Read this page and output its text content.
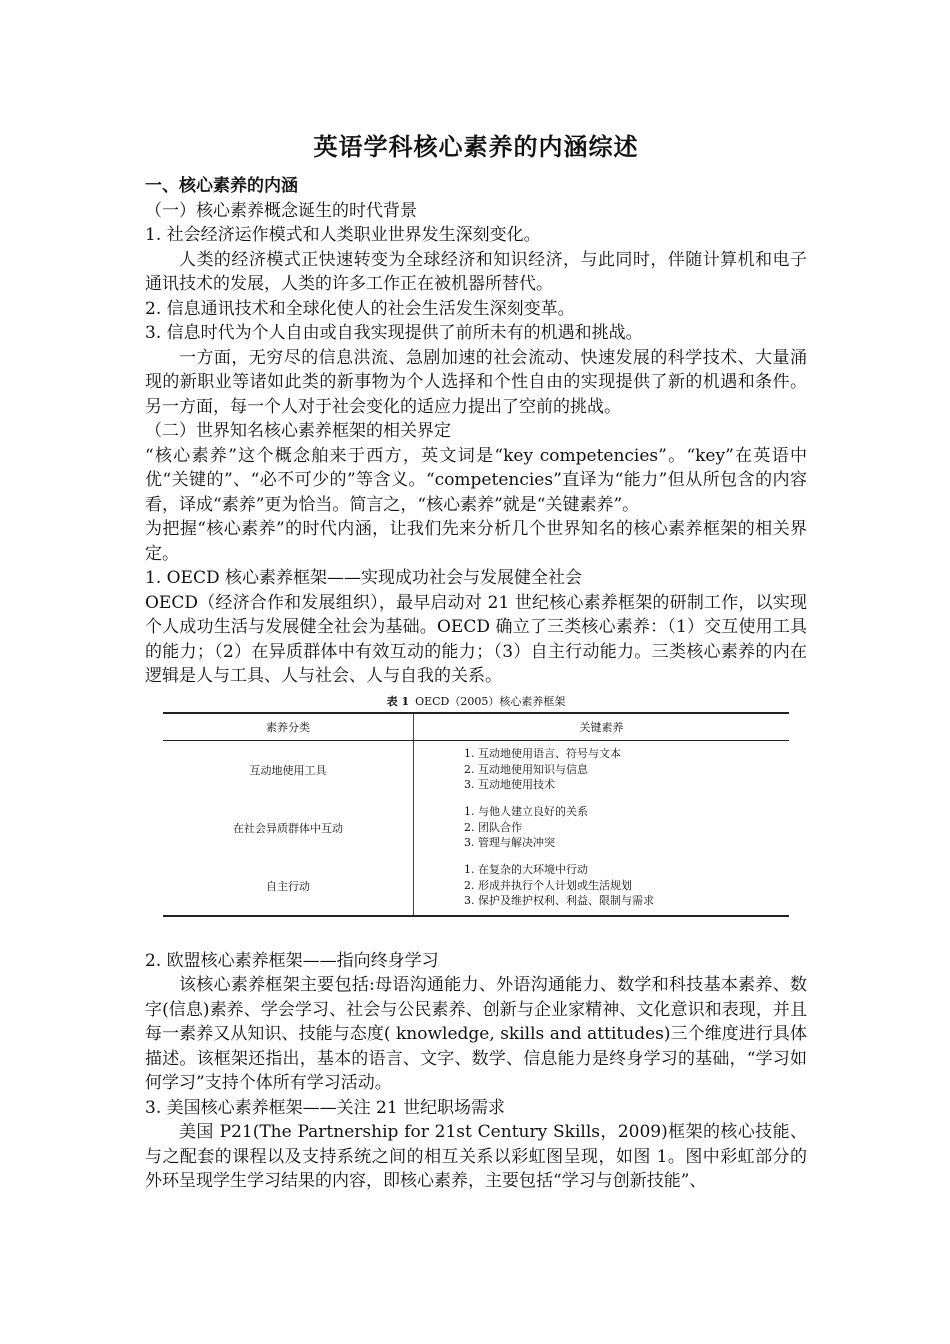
英语学科核心素养的内涵综述

一、核心素养的内涵

（一）核心素养概念诞生的时代背景

1. 社会经济运作模式和人类职业世界发生深刻变化。

人类的经济模式正快速转变为全球经济和知识经济，与此同时，伴随计算机和电子通讯技术的发展，人类的许多工作正在被机器所替代。

2. 信息通讯技术和全球化使人的社会生活发生深刻变革。

3. 信息时代为个人自由或自我实现提供了前所未有的机遇和挑战。

一方面，无穷尽的信息洪流、急剧加速的社会流动、快速发展的科学技术、大量涌现的新职业等诸如此类的新事物为个人选择和个性自由的实现提供了新的机遇和条件。另一方面，每一个人对于社会变化的适应力提出了空前的挑战。

（二）世界知名核心素养框架的相关界定

“核心素养”这个概念舶来于西方，英文词是“key competencies”。“key”在英语中优“关键的”、“必不可少的”等含义。“competencies”直译为“能力”但从所包含的内容看，译成“素养”更为恰当。简言之，“核心素养”就是“关键素养”。

为把握“核心素养”的时代内涵，让我们先来分析几个世界知名的核心素养框架的相关界定。

1. OECD 核心素养框架——实现成功社会与发展健全社会

OECD（经济合作和发展组织），最早启动对 21 世纪核心素养框架的研制工作，以实现个人成功生活与发展健全社会为基础。OECD 确立了三类核心素养：（1）交互使用工具的能力；（2）在异质群体中有效互动的能力；（3）自主行动能力。三类核心素养的内在逻辑是人与工具、人与社会、人与自我的关系。

表 1 OECD（2005）核心素养框架
素养分类	关键素养
互动地使用工具	1. 互动地使用语言、符号与文本
2. 互动地使用知识与信息
3. 互动地使用技术

在社会异质群体中互动	1. 与他人建立良好的关系
2. 团队合作
3. 管理与解决冲突

自主行动	1. 在复杂的大环境中行动
2. 形成并执行个人计划或生活规划
3. 保护及维护权利、利益、限制与需求

2. 欧盟核心素养框架——指向终身学习

该核心素养框架主要包括:母语沟通能力、外语沟通能力、数学和科技基本素养、数字(信息)素养、学会学习、社会与公民素养、创新与企业家精神、文化意识和表现，并且每一素养又从知识、技能与态度( knowledge, skills and attitudes)三个维度进行具体描述。该框架还指出，基本的语言、文字、数学、信息能力是终身学习的基础，“学习如何学习”支持个体所有学习活动。

3. 美国核心素养框架——关注 21 世纪职场需求

美国 P21(The Partnership for 21st Century Skills，2009)框架的核心技能、与之配套的课程以及支持系统之间的相互关系以彩虹图呈现，如图 1。图中彩虹部分的外环呈现学生学习结果的内容，即核心素养，主要包括“学习与创新技能”、
